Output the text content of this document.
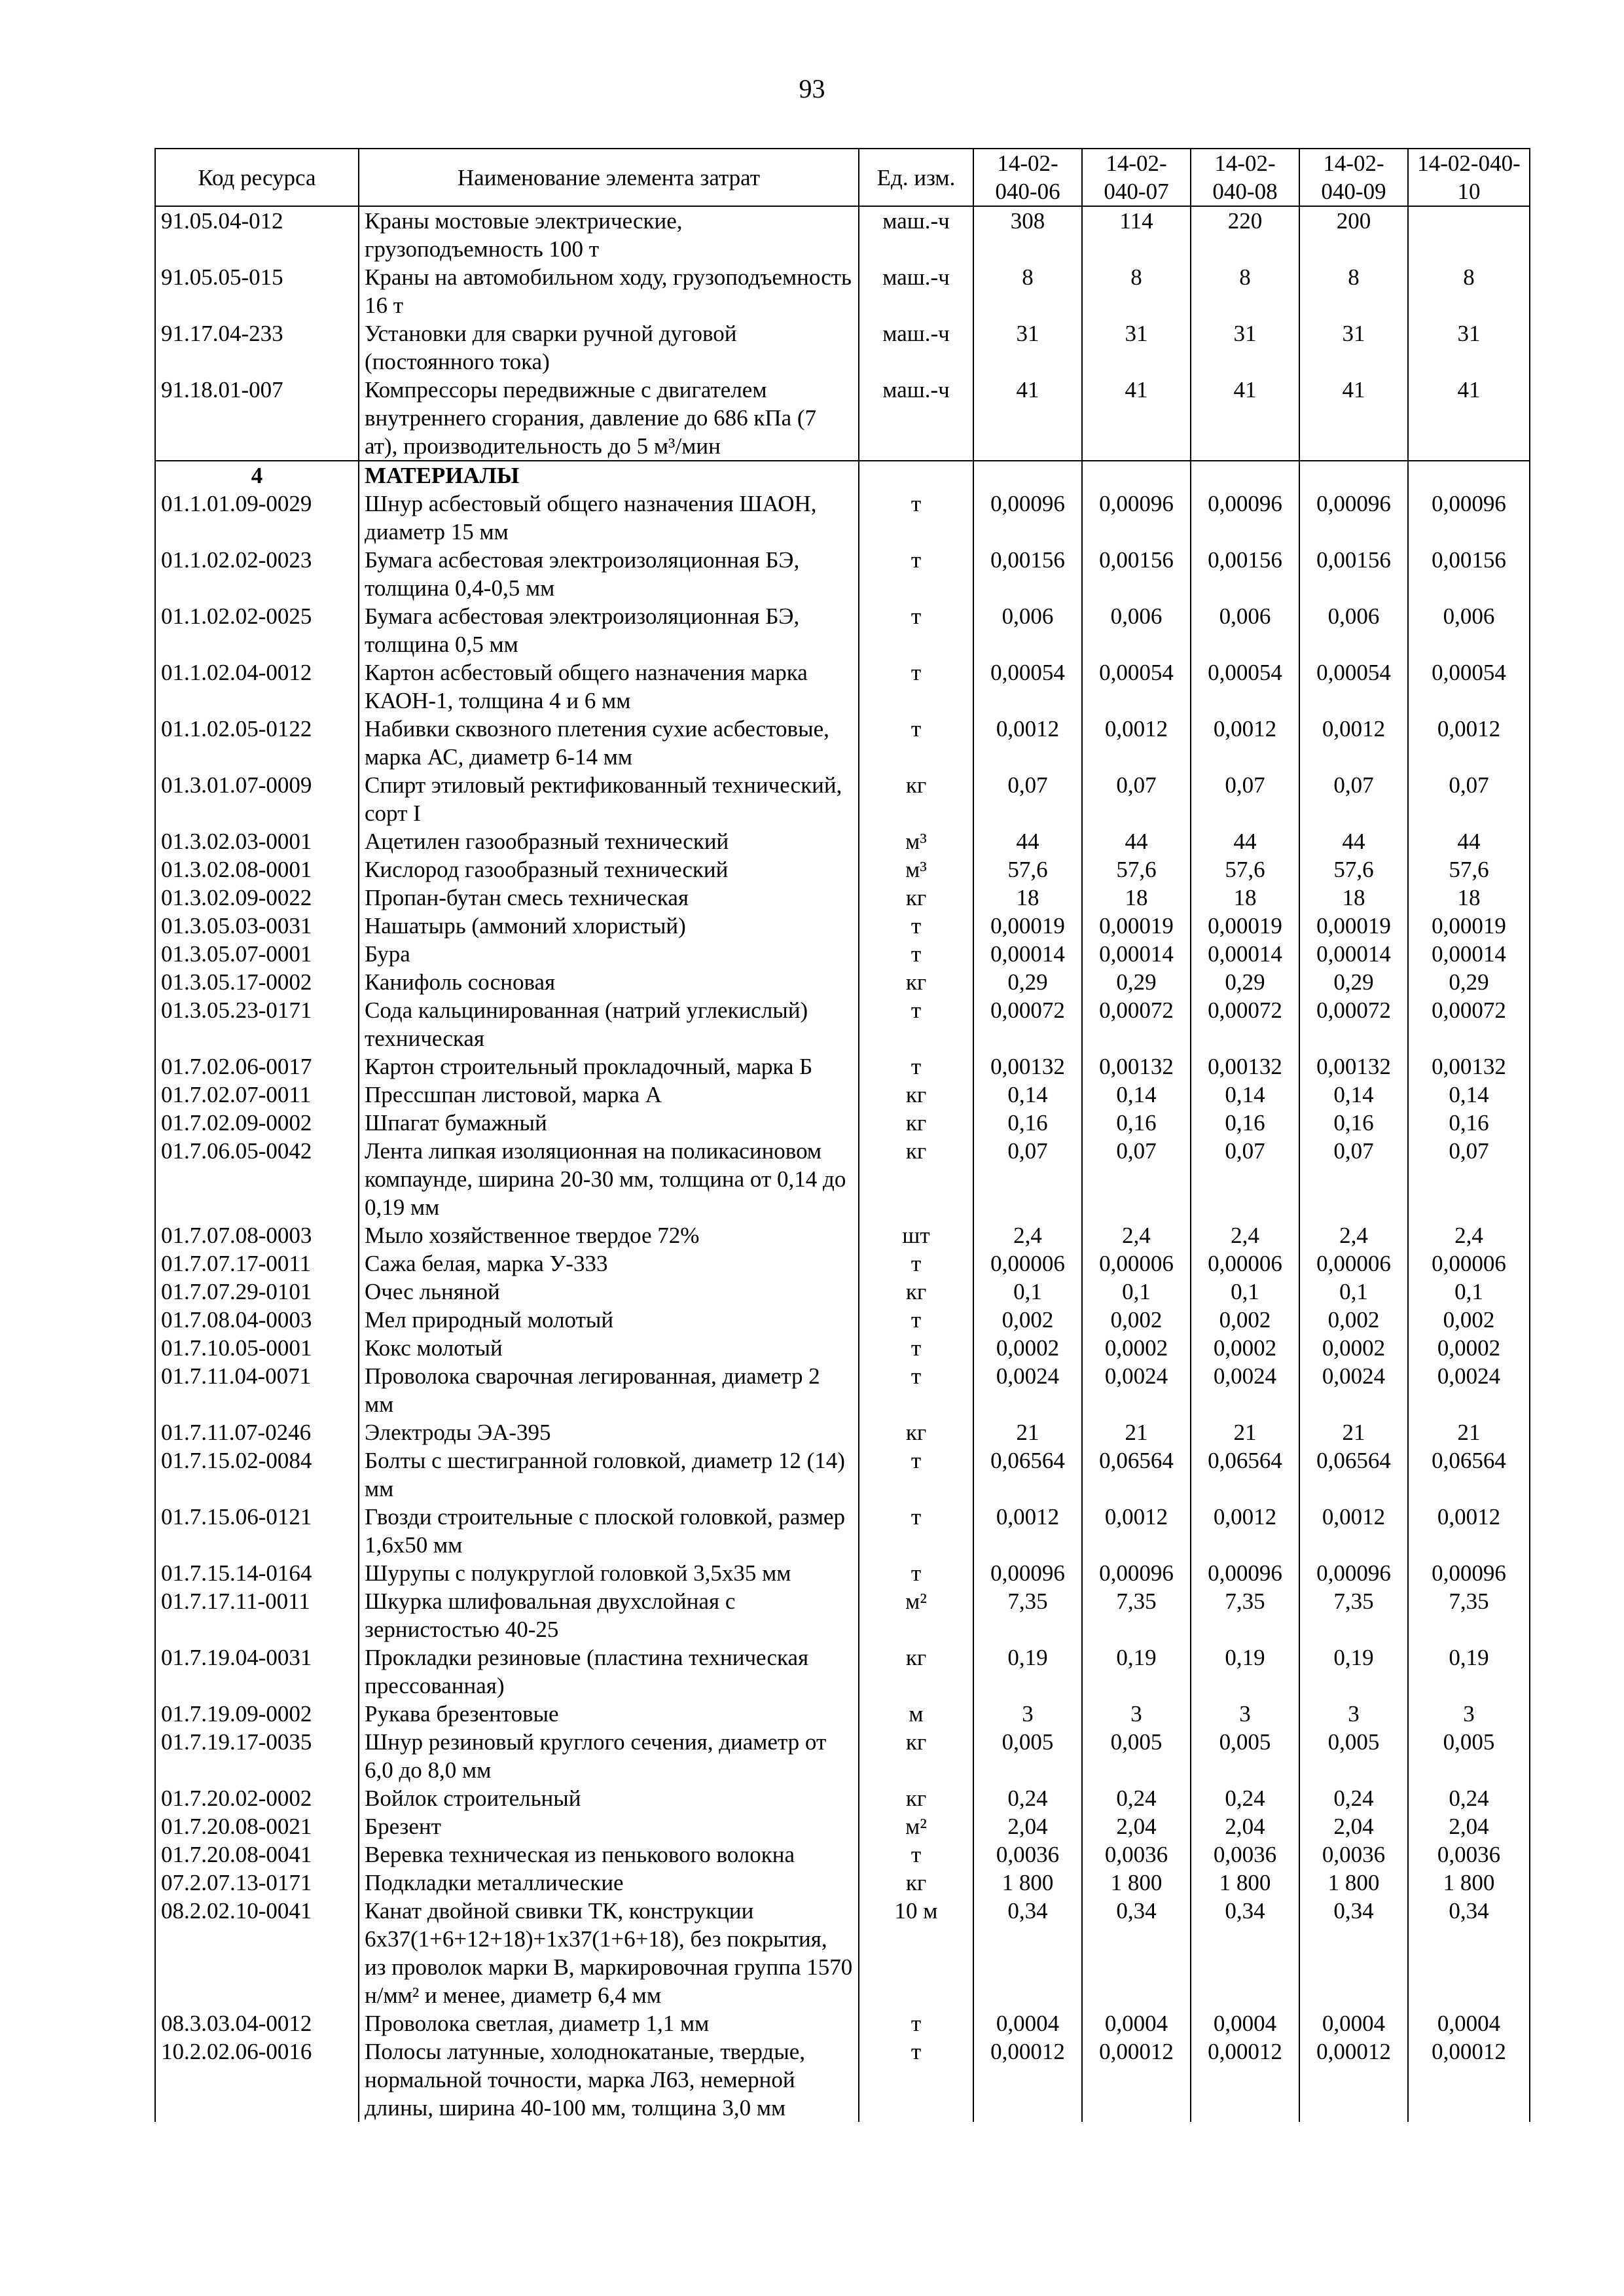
93
Код ресурса	Наименование элемента затрат	Ед. изм.	14-02-040-06	14-02-040-07	14-02-040-08	14-02-040-09	14-02-040-10
91.05.04-012	Краны мостовые электрические, грузоподъемность 100 т	маш.-ч	308	114	220	200	
91.05.05-015	Краны на автомобильном ходу, грузоподъемность 16 т	маш.-ч	8	8	8	8	8
91.17.04-233	Установки для сварки ручной дуговой (постоянного тока)	маш.-ч	31	31	31	31	31
91.18.01-007	Компрессоры передвижные с двигателем внутреннего сгорания, давление до 686 кПа (7 ат), производительность до 5 м³/мин	маш.-ч	41	41	41	41	41
4	МАТЕРИАЛЫ						
01.1.01.09-0029	Шнур асбестовый общего назначения ШАОН, диаметр 15 мм	т	0,00096	0,00096	0,00096	0,00096	0,00096
01.1.02.02-0023	Бумага асбестовая электроизоляционная БЭ, толщина 0,4-0,5 мм	т	0,00156	0,00156	0,00156	0,00156	0,00156
01.1.02.02-0025	Бумага асбестовая электроизоляционная БЭ, толщина 0,5 мм	т	0,006	0,006	0,006	0,006	0,006
01.1.02.04-0012	Картон асбестовый общего назначения марка КАОН-1, толщина 4 и 6 мм	т	0,00054	0,00054	0,00054	0,00054	0,00054
01.1.02.05-0122	Набивки сквозного плетения сухие асбестовые, марка АС, диаметр 6-14 мм	т	0,0012	0,0012	0,0012	0,0012	0,0012
01.3.01.07-0009	Спирт этиловый ректификованный технический, сорт I	кг	0,07	0,07	0,07	0,07	0,07
01.3.02.03-0001	Ацетилен газообразный технический	м³	44	44	44	44	44
01.3.02.08-0001	Кислород газообразный технический	м³	57,6	57,6	57,6	57,6	57,6
01.3.02.09-0022	Пропан-бутан смесь техническая	кг	18	18	18	18	18
01.3.05.03-0031	Нашатырь (аммоний хлористый)	т	0,00019	0,00019	0,00019	0,00019	0,00019
01.3.05.07-0001	Бура	т	0,00014	0,00014	0,00014	0,00014	0,00014
01.3.05.17-0002	Канифоль сосновая	кг	0,29	0,29	0,29	0,29	0,29
01.3.05.23-0171	Сода кальцинированная (натрий углекислый) техническая	т	0,00072	0,00072	0,00072	0,00072	0,00072
01.7.02.06-0017	Картон строительный прокладочный, марка Б	т	0,00132	0,00132	0,00132	0,00132	0,00132
01.7.02.07-0011	Прессшпан листовой, марка А	кг	0,14	0,14	0,14	0,14	0,14
01.7.02.09-0002	Шпагат бумажный	кг	0,16	0,16	0,16	0,16	0,16
01.7.06.05-0042	Лента липкая изоляционная на поликасиновом компаунде, ширина 20-30 мм, толщина от 0,14 до 0,19 мм	кг	0,07	0,07	0,07	0,07	0,07
01.7.07.08-0003	Мыло хозяйственное твердое 72%	шт	2,4	2,4	2,4	2,4	2,4
01.7.07.17-0011	Сажа белая, марка У-333	т	0,00006	0,00006	0,00006	0,00006	0,00006
01.7.07.29-0101	Очес льняной	кг	0,1	0,1	0,1	0,1	0,1
01.7.08.04-0003	Мел природный молотый	т	0,002	0,002	0,002	0,002	0,002
01.7.10.05-0001	Кокс молотый	т	0,0002	0,0002	0,0002	0,0002	0,0002
01.7.11.04-0071	Проволока сварочная легированная, диаметр 2 мм	т	0,0024	0,0024	0,0024	0,0024	0,0024
01.7.11.07-0246	Электроды ЭА-395	кг	21	21	21	21	21
01.7.15.02-0084	Болты с шестигранной головкой, диаметр 12 (14) мм	т	0,06564	0,06564	0,06564	0,06564	0,06564
01.7.15.06-0121	Гвозди строительные с плоской головкой, размер 1,6х50 мм	т	0,0012	0,0012	0,0012	0,0012	0,0012
01.7.15.14-0164	Шурупы с полукруглой головкой 3,5х35 мм	т	0,00096	0,00096	0,00096	0,00096	0,00096
01.7.17.11-0011	Шкурка шлифовальная двухслойная с зернистостью 40-25	м²	7,35	7,35	7,35	7,35	7,35
01.7.19.04-0031	Прокладки резиновые (пластина техническая прессованная)	кг	0,19	0,19	0,19	0,19	0,19
01.7.19.09-0002	Рукава брезентовые	м	3	3	3	3	3
01.7.19.17-0035	Шнур резиновый круглого сечения, диаметр от 6,0 до 8,0 мм	кг	0,005	0,005	0,005	0,005	0,005
01.7.20.02-0002	Войлок строительный	кг	0,24	0,24	0,24	0,24	0,24
01.7.20.08-0021	Брезент	м²	2,04	2,04	2,04	2,04	2,04
01.7.20.08-0041	Веревка техническая из пенькового волокна	т	0,0036	0,0036	0,0036	0,0036	0,0036
07.2.07.13-0171	Подкладки металлические	кг	1 800	1 800	1 800	1 800	1 800
08.2.02.10-0041	Канат двойной свивки ТК, конструкции 6х37(1+6+12+18)+1х37(1+6+18), без покрытия, из проволок марки В, маркировочная группа 1570 н/мм² и менее, диаметр 6,4 мм	10 м	0,34	0,34	0,34	0,34	0,34
08.3.03.04-0012	Проволока светлая, диаметр 1,1 мм	т	0,0004	0,0004	0,0004	0,0004	0,0004
10.2.02.06-0016	Полосы латунные, холоднокатаные, твердые, нормальной точности, марка Л63, немерной длины, ширина 40-100 мм, толщина 3,0 мм	т	0,00012	0,00012	0,00012	0,00012	0,00012
